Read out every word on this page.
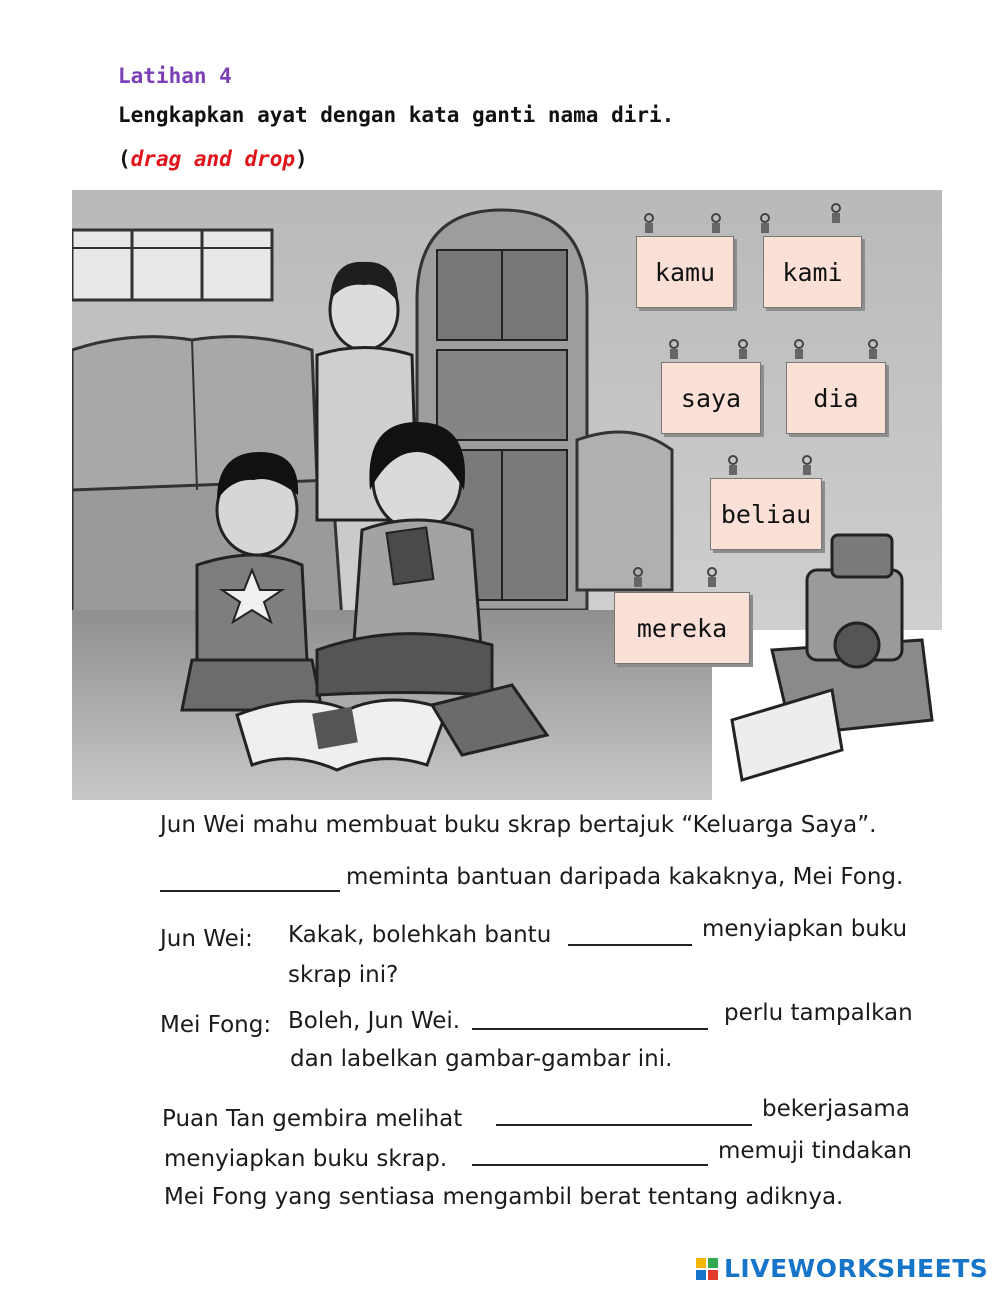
Latihan 4
Lengkapkan ayat dengan kata ganti nama diri.
(drag and drop)
kamu	kami
saya	dia
beliau
mereka
Jun Wei mahu membuat buku skrap bertajuk “Keluarga Saya”.
meminta bantuan daripada kakaknya, Mei Fong.
Jun Wei: Kakak, bolehkah bantu	menyiapkan buku
skrap ini?
Mei Fong: Boleh, Jun Wei.	perlu tampalkan
dan labelkan gambar-gambar ini.
Puan Tan gembira melihat	bekerjasama
menyiapkan buku skrap.	memuji tindakan
Mei Fong yang sentiasa mengambil berat tentang adiknya.
LIVEWORKSHEETS
